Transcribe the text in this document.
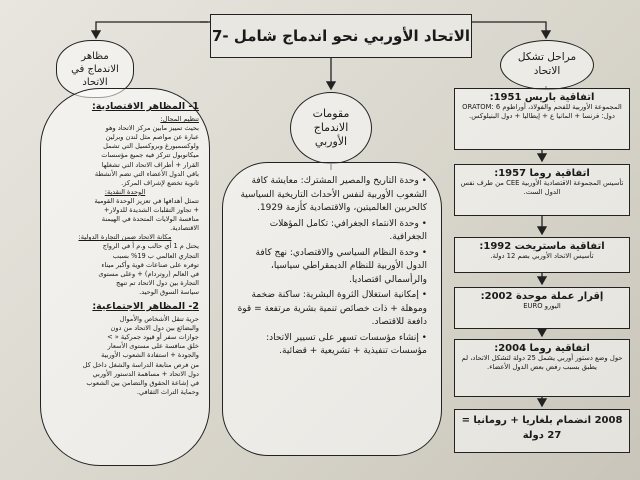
7- الاتحاد الأوربي نحو اندماج شامل
مظاهر الاندماج في الاتحاد
مقومات الاندماج الأوربي
مراحل تشكل الاتحاد
1- المظاهر الاقتصادية:
تنظيم المجال:
بحيث تمييز مابين مركز الاتحاد وهو
عبارة عن مواصم مثل لندن وبرلين
ولوكسمبورغ وبروكسيل التي تشمل
ميكانوبول تتركز فيه جميع مؤسسات
القرار + أطراف الاتحاد التي تشغلها
باقي الدول الأعضاء التي تضم الأنشطة
ثانوية تخضع لإشراف المركز.
الوحدة النقدية:
تتمثل أهدافها في تعزيز الوحدة القومية
+ تجاوز التقلبات الشديدة للدولار+
منافسة الولايات المتحدة في الهيمنة
الاقتصادية.
مكانة الاتحاد ضمن التجارة الدولية:
يحتل م 1 أي حالب و.م أ في الرواج
التجاري العالمي ب 19% بسبب
توفره على صناعات قوية وأكبر ميناء
في العالم (روتردام) + وعلى مستوى
التجارة بين دول الاتحاد تم تنهج
سياسة السوق الوحيد.
2- المظاهر الاجتماعية:
حرية تنقل الأشخاص والأموال
والبضائع بين دول الاتحاد من دون
جوازات سفر أو قيود جمركية « >
خلق منافسة على مستوى الأسعار
والجودة + استفادة الشعوب الأوربية
من فرص متابعة الدراسة والشغل داخل كل
دول الاتحاد + مساهمة الدستور الأوربي
في إشاعة الحقوق والتضامن بين الشعوب
وحماية التراث الثقافي.
• وحدة التاريخ والمصير المشترك: معايشة كافة الشعوب الأوربية لنفس الأحداث التاريخية السياسية كالحربين العالميتين، والاقتصادية كأزمة 1929.
• وحدة الانتماء الجغرافي: تكامل المؤهلات الجغرافية.
• وحدة النظام السياسي والاقتصادي: نهج كافة الدول الأوربية للنظام الديمقراطي سياسيا، والرأسمالي اقتصاديا.
• إمكانية استغلال الثروة البشرية: ساكنة ضخمة وموهلة + ذات خصائص تنمية بشرية مرتفعة = قوة دافعة للاقتصاد.
• إنشاء مؤسسات تسهر على تسيير الاتحاد: مؤسسات تنفيذية + تشريعية + قضائية.
اتفاقية باريس 1951:
المجموعة الأوربية للفحم والفولاذ، أوراطوم ORATOM: 6 دول: فرنسا + المانيا ع + إيطاليا + دول البنيلوكس.
اتفاقية روما 1957:
تأسيس المجموعة الاقتصادية الأوربية CEE من طرف نفس الدول الست.
اتفاقية ماستريخت 1992:
تأسيس الاتحاد الأوربي بضم 12 دولة.
إقرار عملة موحدة 2002:
اليورو EURO
اتفاقية روما 2004:
حول وضع دستور أوربي يشمل 25 دولة لتشكل الاتحاد، لم يطبق بسبب رفض بعض الدول الأعضاء.
2008 انضمام بلغاريا + رومانيا = 27 دولة
